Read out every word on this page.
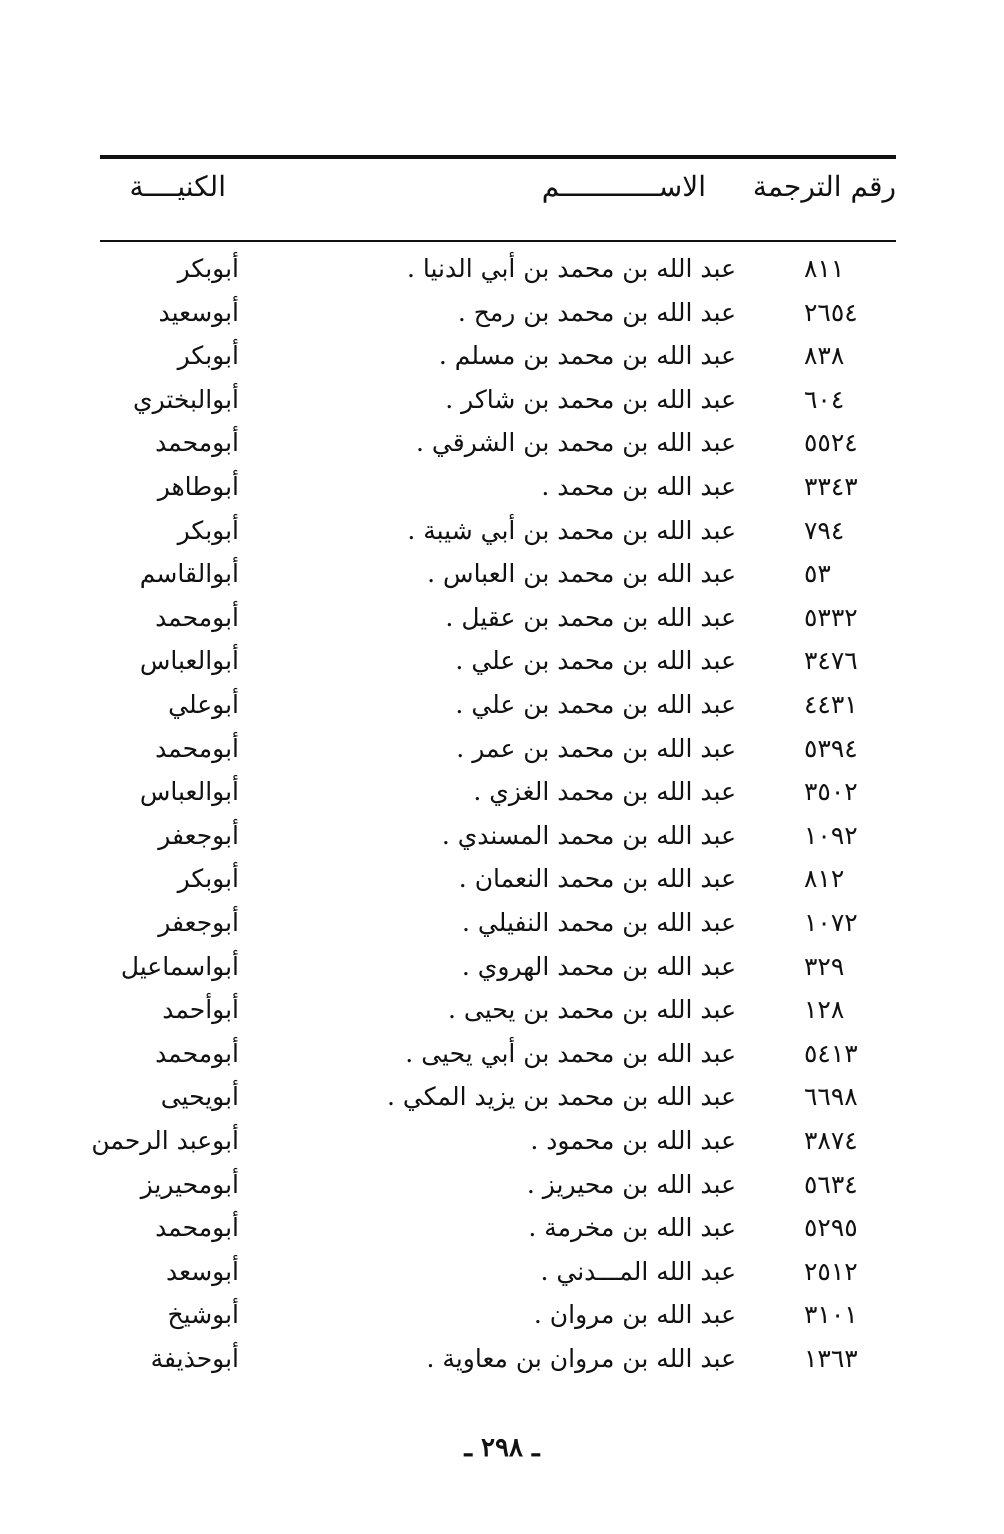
رقم الترجمة
الاســــــــــــم
الكنيــــة
٨١١
عبد الله بن محمد بن أبي الدنيا .
أبوبكر
٢٦٥٤
عبد الله بن محمد بن رمح .
أبوسعيد
٨٣٨
عبد الله بن محمد بن مسلم .
أبوبكر
٦٠٤
عبد الله بن محمد بن شاكر .
أبوالبختري
٥٥٢٤
عبد الله بن محمد بن الشرقي .
أبومحمد
٣٣٤٣
عبد الله بن محمد .
أبوطاهر
٧٩٤
عبد الله بن محمد بن أبي شيبة .
أبوبكر
٥٣
عبد الله بن محمد بن العباس .
أبوالقاسم
٥٣٣٢
عبد الله بن محمد بن عقيل .
أبومحمد
٣٤٧٦
عبد الله بن محمد بن علي .
أبوالعباس
٤٤٣١
عبد الله بن محمد بن علي .
أبوعلي
٥٣٩٤
عبد الله بن محمد بن عمر .
أبومحمد
٣٥٠٢
عبد الله بن محمد الغزي .
أبوالعباس
١٠٩٢
عبد الله بن محمد المسندي .
أبوجعفر
٨١٢
عبد الله بن محمد النعمان .
أبوبكر
١٠٧٢
عبد الله بن محمد النفيلي .
أبوجعفر
٣٢٩
عبد الله بن محمد الهروي .
أبواسماعيل
١٢٨
عبد الله بن محمد بن يحيى .
أبوأحمد
٥٤١٣
عبد الله بن محمد بن أبي يحيى .
أبومحمد
٦٦٩٨
عبد الله بن محمد بن يزيد المكي .
أبويحيى
٣٨٧٤
عبد الله بن محمود .
أبوعبد الرحمن
٥٦٣٤
عبد الله بن محيريز .
أبومحيريز
٥٢٩٥
عبد الله بن مخرمة .
أبومحمد
٢٥١٢
عبد الله المـــدني .
أبوسعد
٣١٠١
عبد الله بن مروان .
أبوشيخ
١٣٦٣
عبد الله بن مروان بن معاوية .
أبوحذيفة
ـ ٢٩٨ ـ
